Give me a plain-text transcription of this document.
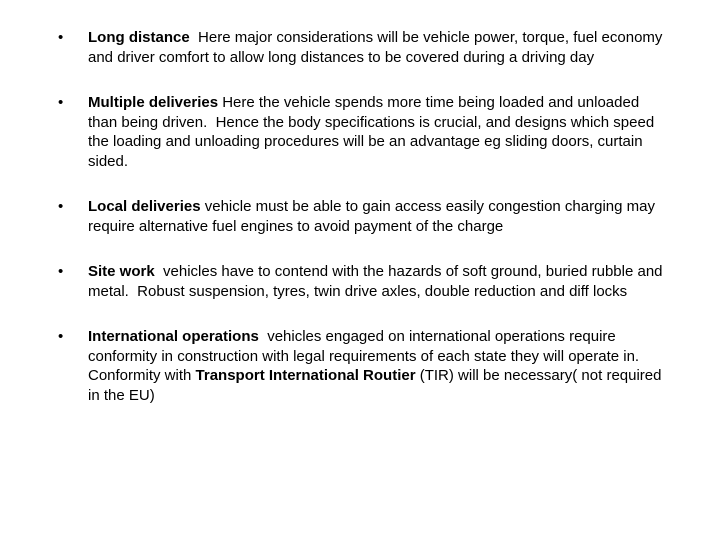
•	Long distance  Here major considerations will be vehicle power, torque, fuel economy and driver comfort to allow long distances to be covered during a driving day
•	Multiple deliveries Here the vehicle spends more time being loaded and unloaded than being driven.  Hence the body specifications is crucial, and designs which speed the loading and unloading procedures will be an advantage eg sliding doors, curtain sided.
•	Local deliveries vehicle must be able to gain access easily congestion charging may require alternative fuel engines to avoid payment of the charge
•	Site work  vehicles have to contend with the hazards of soft ground, buried rubble and metal.  Robust suspension, tyres, twin drive axles, double reduction and diff locks
•	International operations  vehicles engaged on international operations require conformity in construction with legal requirements of each state they will operate in.  Conformity with Transport International Routier (TIR) will be necessary( not required in the EU)
